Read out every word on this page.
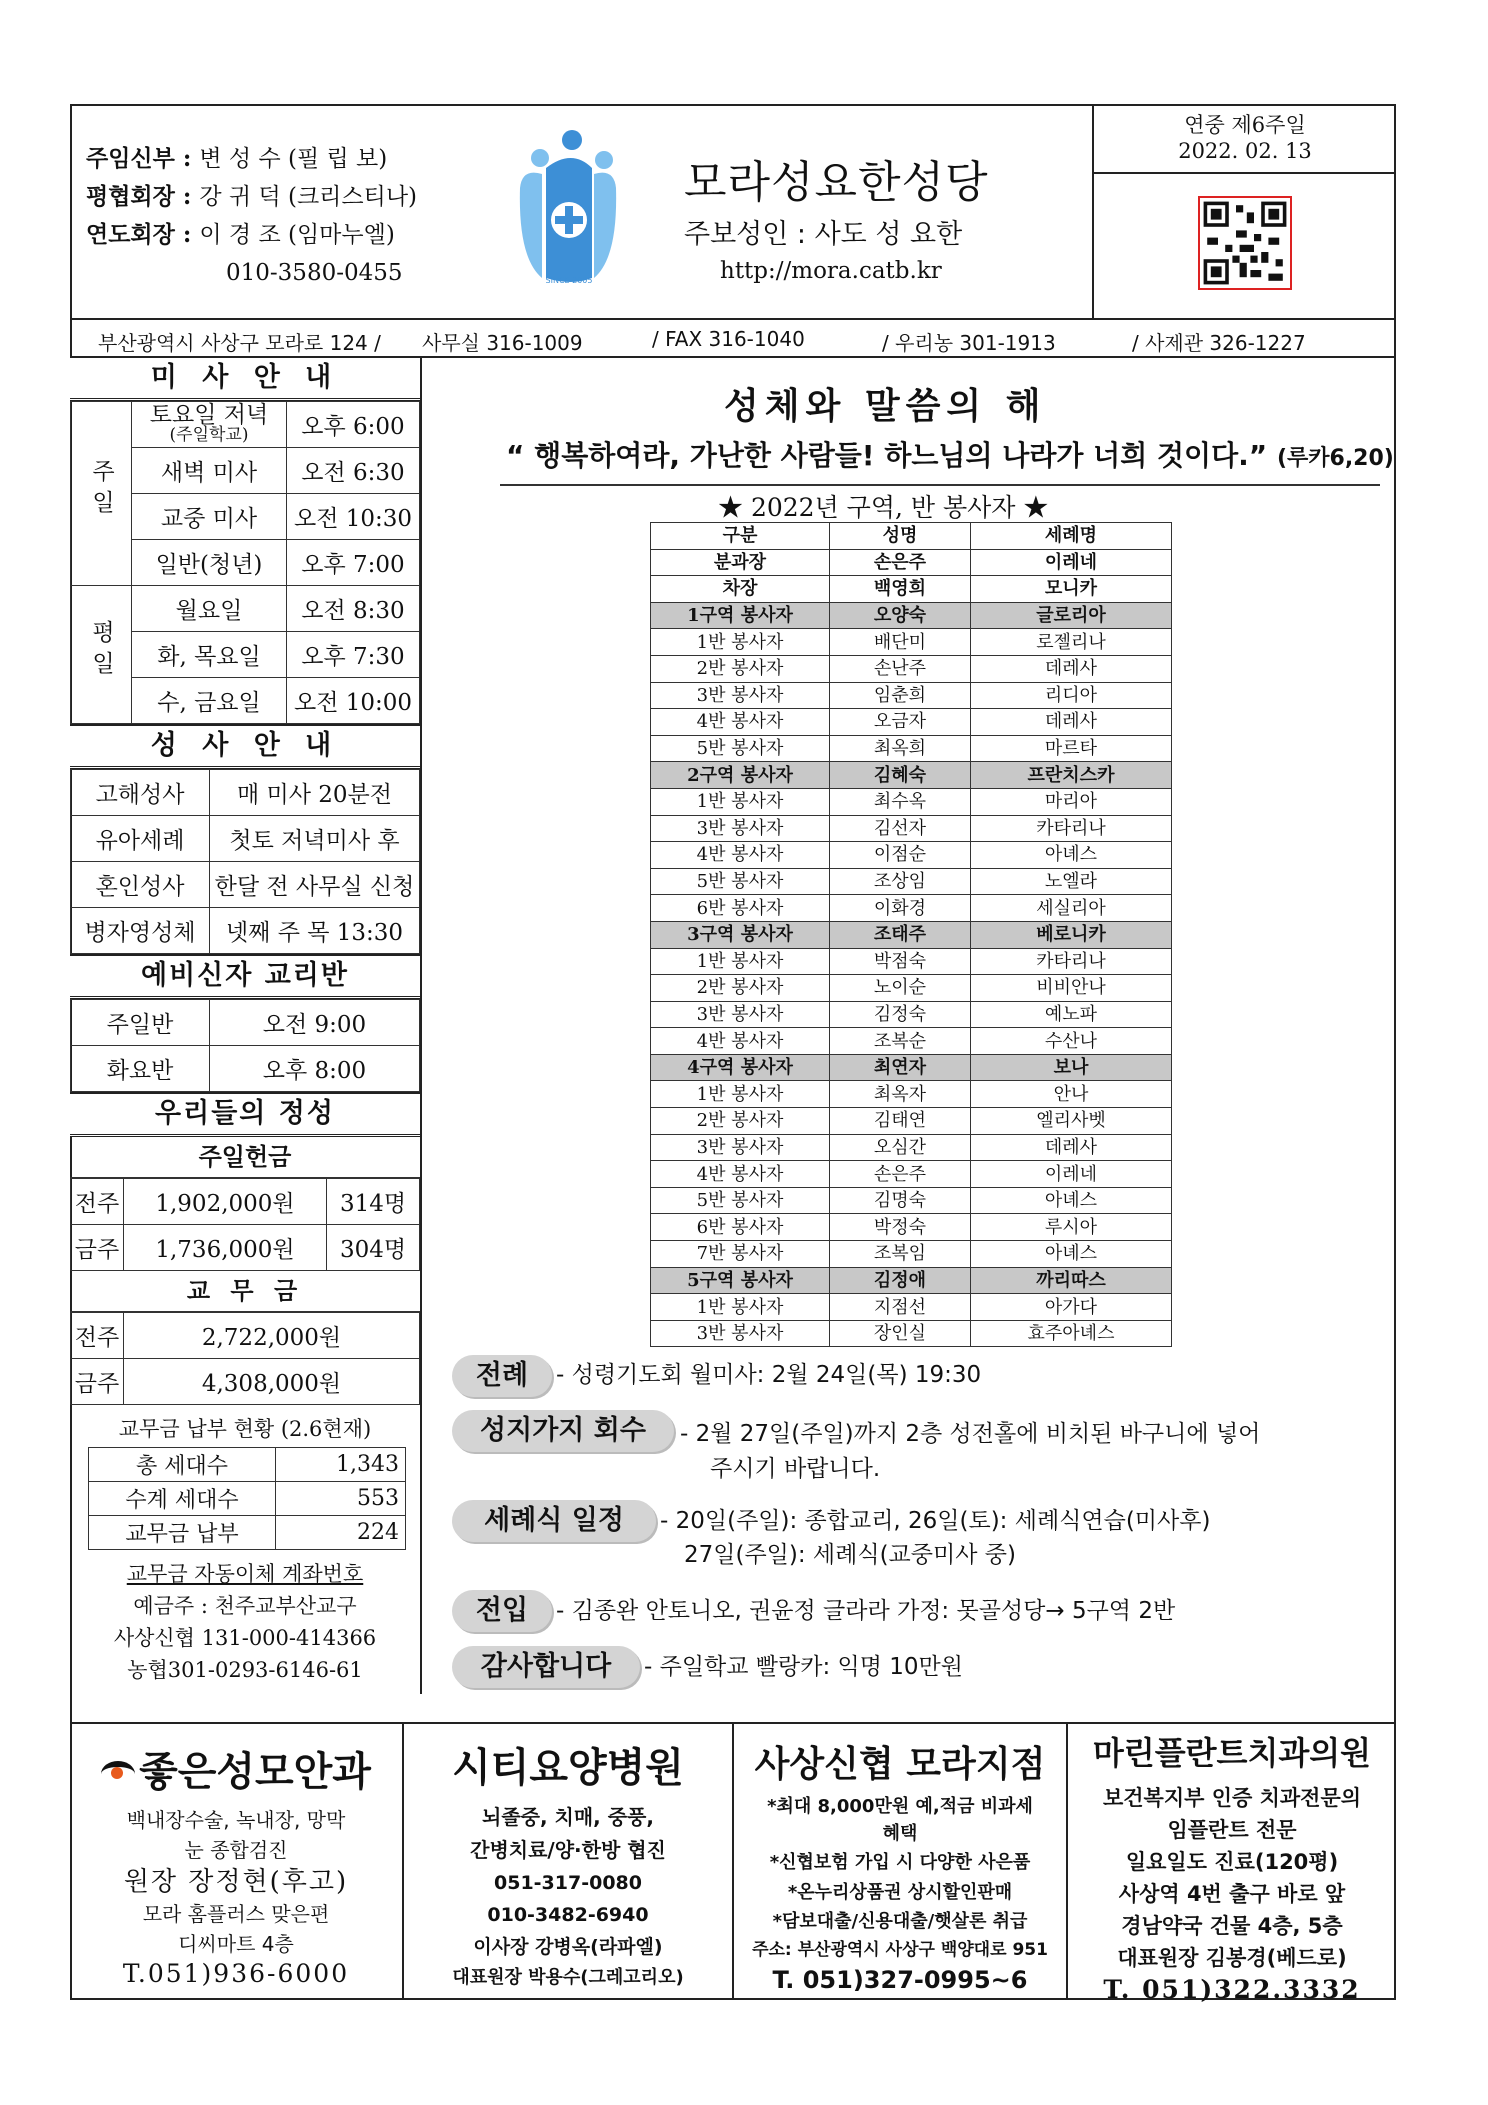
주임신부 : 변 성 수 (필 립 보)
평협회장 : 강 귀 덕 (크리스티나)
연도회장 : 이 경 조 (임마누엘)
010-3580-0455	SINCE 2005
모라성요한성당
주보성인 : 사도 성 요한
http://mora.catb.kr
연중 제6주일
2022. 02. 13
부산광역시 사상구 모라로 124 / 사무실 316-1009	/ FAX 316-1040	/ 우리농 301-1913	/ 사제관 326-1227
미 사 안 내
주일	토요일 저녁
(주일학교)	오후 6:00
	새벽 미사	오전 6:30
	교중 미사	오전 10:30
	일반(청년)	오후 7:00
평일	월요일	오전 8:30
	화, 목요일	오후 7:30
	수, 금요일	오전 10:00
성 사 안 내
고해성사	매 미사 20분전
유아세례	첫토 저녁미사 후
혼인성사	한달 전 사무실 신청
병자영성체	넷째 주 목 13:30
예비신자 교리반
주일반	오전 9:00
화요반	오후 8:00
우리들의 정성
주일헌금
전주	1,902,000원	314명
금주	1,736,000원	304명
교 무 금
전주	2,722,000원
금주	4,308,000원
교무금 납부 현황 (2.6현재)
총 세대수	1,343
수계 세대수	553
교무금 납부	224
교무금 자동이체 계좌번호
예금주 : 천주교부산교구
사상신협 131-000-414366
농협301-0293-6146-61
성체와 말씀의 해
“ 행복하여라, 가난한 사람들! 하느님의 나라가 너희 것이다.” (루카6,20)
★ 2022년 구역, 반 봉사자 ★
구분	성명	세례명
분과장	손은주	이레네
차장	백영희	모니카
1구역 봉사자	오양숙	글로리아
1반 봉사자	배단미	로젤리나
2반 봉사자	손난주	데레사
3반 봉사자	임춘희	리디아
4반 봉사자	오금자	데레사
5반 봉사자	최옥희	마르타
2구역 봉사자	김혜숙	프란치스카
1반 봉사자	최수옥	마리아
3반 봉사자	김선자	카타리나
4반 봉사자	이점순	아녜스
5반 봉사자	조상임	노엘라
6반 봉사자	이화경	세실리아
3구역 봉사자	조태주	베로니카
1반 봉사자	박점숙	카타리나
2반 봉사자	노이순	비비안나
3반 봉사자	김정숙	예노파
4반 봉사자	조복순	수산나
4구역 봉사자	최연자	보나
1반 봉사자	최옥자	안나
2반 봉사자	김태연	엘리사벳
3반 봉사자	오심간	데레사
4반 봉사자	손은주	이레네
5반 봉사자	김명숙	아녜스
6반 봉사자	박정숙	루시아
7반 봉사자	조복임	아녜스
5구역 봉사자	김정애	까리따스
1반 봉사자	지점선	아가다
3반 봉사자	장인실	효주아녜스
전례	- 성령기도회 월미사: 2월 24일(목) 19:30
성지가지 회수	- 2월 27일(주일)까지 2층 성전홀에 비치된 바구니에 넣어
주시기 바랍니다.
세례식 일정	- 20일(주일): 종합교리, 26일(토): 세례식연습(미사후)
27일(주일): 세례식(교중미사 중)
전입	- 김종완 안토니오, 권윤정 글라라 가정: 못골성당→ 5구역 2반
감사합니다	- 주일학교 빨랑카: 익명 10만원
좋은성모안과
백내장수술, 녹내장, 망막
눈 종합검진
원장 장정현(후고)
모라 홈플러스 맞은편
디씨마트 4층
T.051)936-6000
시티요양병원
뇌졸중, 치매, 중풍,
간병치료/양·한방 협진
051-317-0080
010-3482-6940
이사장 강병옥(라파엘)
대표원장 박용수(그레고리오)
사상신협 모라지점
*최대 8,000만원 예,적금 비과세
혜택
*신협보험 가입 시 다양한 사은품
*온누리상품권 상시할인판매
*담보대출/신용대출/햇살론 취급
주소: 부산광역시 사상구 백양대로 951
T. 051)327-0995~6
마린플란트치과의원
보건복지부 인증 치과전문의
임플란트 전문
일요일도 진료(120평)
사상역 4번 출구 바로 앞
경남약국 건물 4층, 5층
대표원장 김봉경(베드로)
T. 051)322.3332
